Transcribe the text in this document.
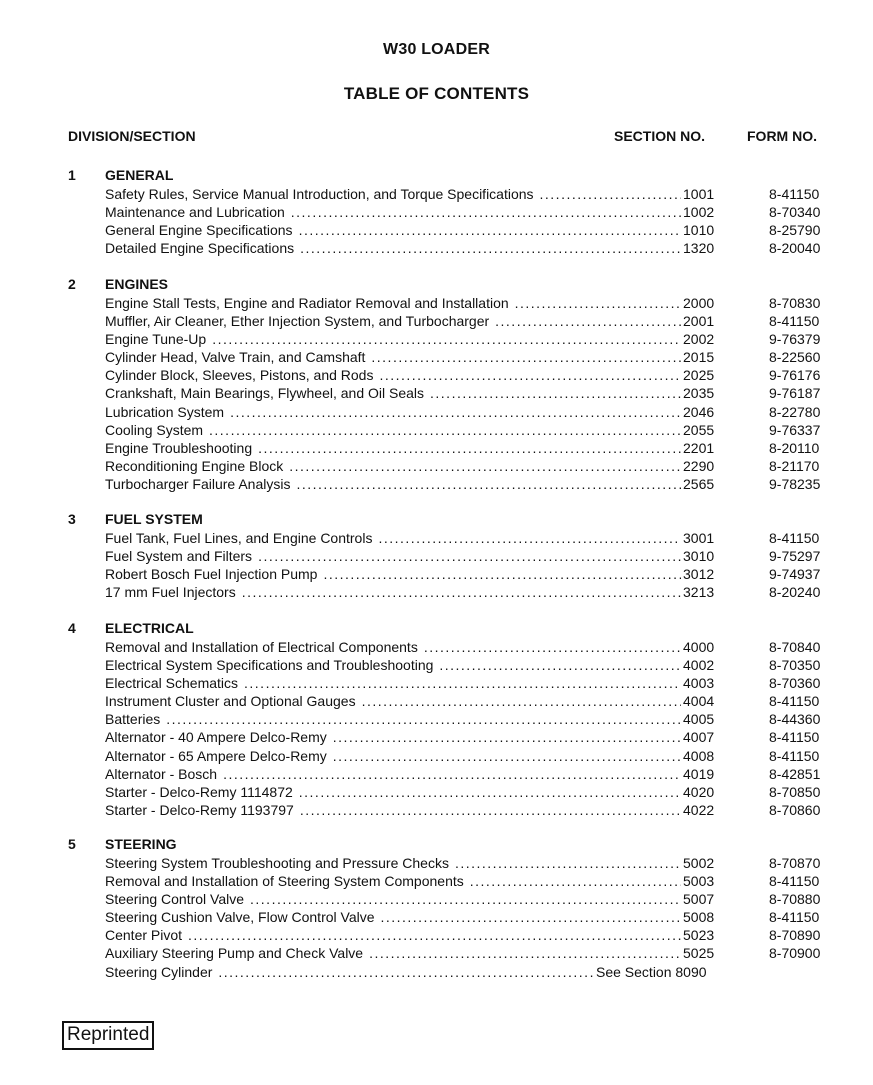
W30 LOADER
TABLE OF CONTENTS
DIVISION/SECTION	SECTION NO.	FORM NO.
1 GENERAL
Safety Rules, Service Manual Introduction, and Torque Specifications . . .	1001	8-41150
Maintenance and Lubrication . . .	1002	8-70340
General Engine Specifications . . .	1010	8-25790
Detailed Engine Specifications . . .	1320	8-20040
2 ENGINES
Engine Stall Tests, Engine and Radiator Removal and Installation . . .	2000	8-70830
Muffler, Air Cleaner, Ether Injection System, and Turbocharger . . .	2001	8-41150
Engine Tune-Up . . .	2002	9-76379
Cylinder Head, Valve Train, and Camshaft . . .	2015	8-22560
Cylinder Block, Sleeves, Pistons, and Rods . . .	2025	9-76176
Crankshaft, Main Bearings, Flywheel, and Oil Seals . . .	2035	9-76187
Lubrication System . . .	2046	8-22780
Cooling System . . .	2055	9-76337
Engine Troubleshooting . . .	2201	8-20110
Reconditioning Engine Block . . .	2290	8-21170
Turbocharger Failure Analysis . . .	2565	9-78235
3 FUEL SYSTEM
Fuel Tank, Fuel Lines, and Engine Controls . . .	3001	8-41150
Fuel System and Filters . . .	3010	9-75297
Robert Bosch Fuel Injection Pump . . .	3012	9-74937
17 mm Fuel Injectors . . .	3213	8-20240
4 ELECTRICAL
Removal and Installation of Electrical Components . . .	4000	8-70840
Electrical System Specifications and Troubleshooting . . .	4002	8-70350
Electrical Schematics . . .	4003	8-70360
Instrument Cluster and Optional Gauges . . .	4004	8-41150
Batteries . . .	4005	8-44360
Alternator - 40 Ampere Delco-Remy . . .	4007	8-41150
Alternator - 65 Ampere Delco-Remy . . .	4008	8-41150
Alternator - Bosch . . .	4019	8-42851
Starter - Delco-Remy 1114872 . . .	4020	8-70850
Starter - Delco-Remy 1193797 . . .	4022	8-70860
5 STEERING
Steering System Troubleshooting and Pressure Checks . . .	5002	8-70870
Removal and Installation of Steering System Components . . .	5003	8-41150
Steering Control Valve . . .	5007	8-70880
Steering Cushion Valve, Flow Control Valve . . .	5008	8-41150
Center Pivot . . .	5023	8-70890
Auxiliary Steering Pump and Check Valve . . .	5025	8-70900
Steering Cylinder . . .	See Section 8090
Reprinted
